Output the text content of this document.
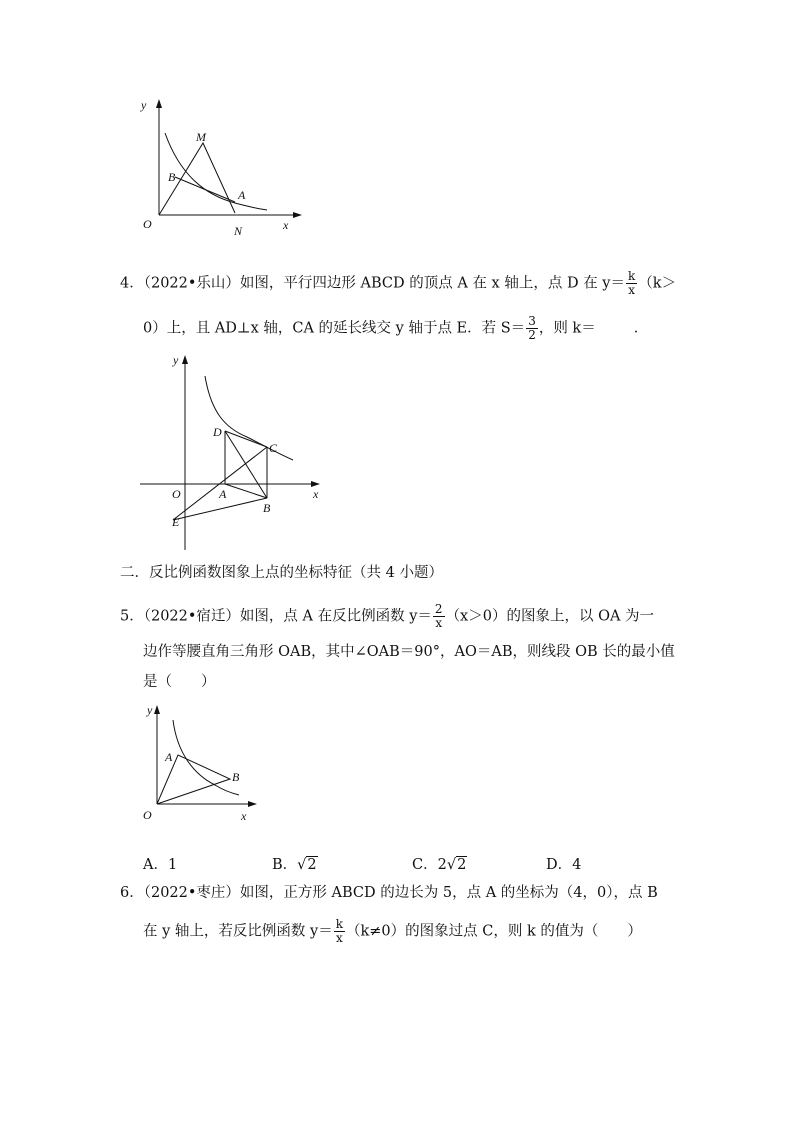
y
x
O
M
B
A
N
4．（2022•乐山）如图，平行四边形 ABCD 的顶点 A 在 x 轴上，点 D 在 $y= \frac{k}{x} (k>$
0）上，且 AD⊥x 轴，CA 的延长线交 y 轴于点 E．若 $S= \frac{3}{2}$ ，则 k＝	．
y
x
O
D
C
A
B
E
二．反比例函数图象上点的坐标特征（共 4 小题）
5．（2022•宿迁）如图，点 A 在反比例函数 $y= \frac{2}{x} (x>0)$的图象上，以 OA 为一
边作等腰直角三角形 OAB，其中∠OAB＝90°，AO＝AB，则线段 OB 长的最小值
是（　　）
y
x
O
A
B
A．1	B．√2	C．2√2	D．4
6．（2022•枣庄）如图，正方形 ABCD 的边长为 5，点 A 的坐标为（4，0），点 B
在 y 轴上，若反比例函数 $y= \frac{k}{x} (k\ne 0)$的图象过点 C，则 k 的值为（　　）
